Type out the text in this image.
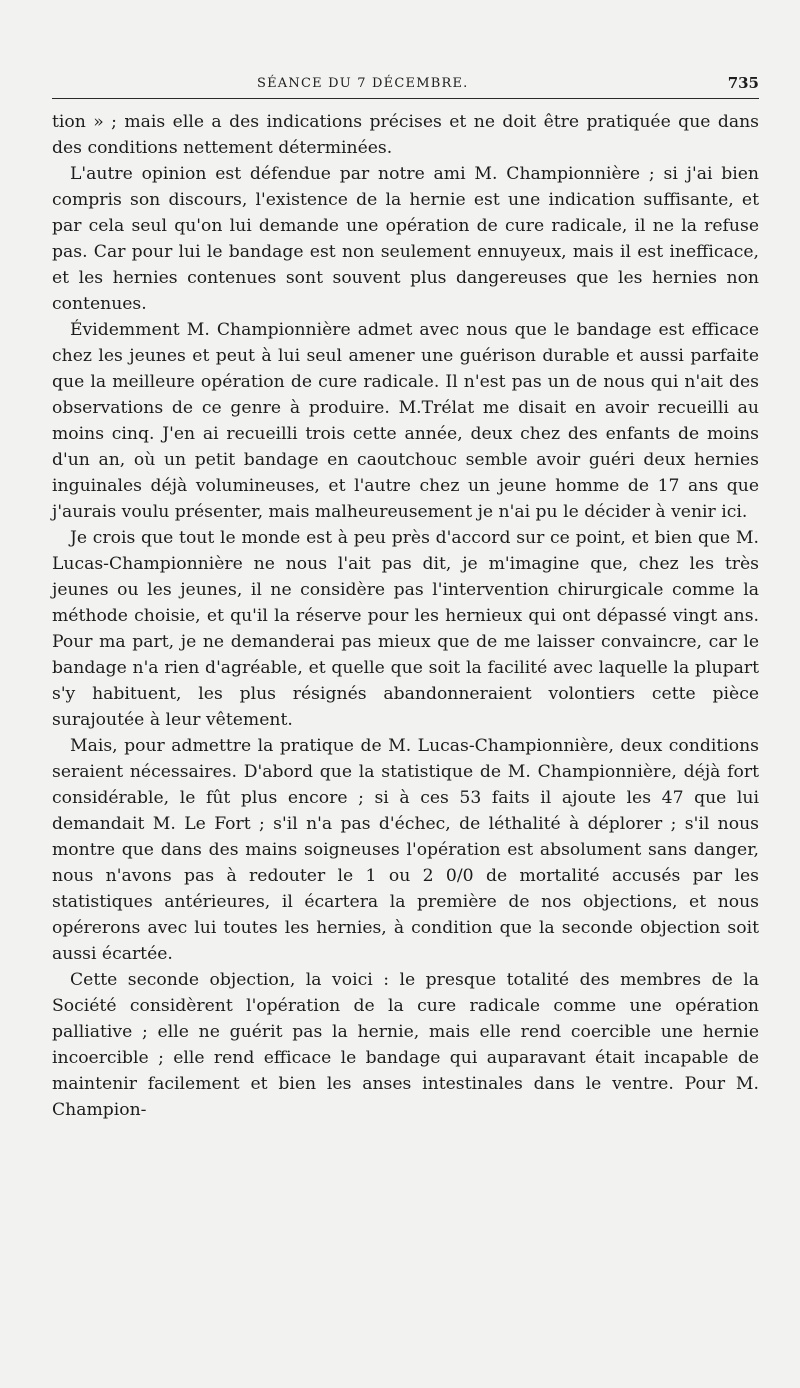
SÉANCE DU 7 DÉCEMBRE.	735

tion » ; mais elle a des indications précises et ne doit être pratiquée que dans des conditions nettement déterminées.

L'autre opinion est défendue par notre ami M. Championnière ; si j'ai bien compris son discours, l'existence de la hernie est une indication suffisante, et par cela seul qu'on lui demande une opération de cure radicale, il ne la refuse pas. Car pour lui le bandage est non seulement ennuyeux, mais il est inefficace, et les hernies contenues sont souvent plus dangereuses que les hernies non contenues.

Évidemment M. Championnière admet avec nous que le bandage est efficace chez les jeunes et peut à lui seul amener une guérison durable et aussi parfaite que la meilleure opération de cure radicale. Il n'est pas un de nous qui n'ait des observations de ce genre à produire. M.Trélat me disait en avoir recueilli au moins cinq. J'en ai recueilli trois cette année, deux chez des enfants de moins d'un an, où un petit bandage en caoutchouc semble avoir guéri deux hernies inguinales déjà volumineuses, et l'autre chez un jeune homme de 17 ans que j'aurais voulu présenter, mais malheureusement je n'ai pu le décider à venir ici.

Je crois que tout le monde est à peu près d'accord sur ce point, et bien que M. Lucas-Championnière ne nous l'ait pas dit, je m'imagine que, chez les très jeunes ou les jeunes, il ne considère pas l'intervention chirurgicale comme la méthode choisie, et qu'il la réserve pour les hernieux qui ont dépassé vingt ans. Pour ma part, je ne demanderai pas mieux que de me laisser convaincre, car le bandage n'a rien d'agréable, et quelle que soit la facilité avec laquelle la plupart s'y habituent, les plus résignés abandonneraient volontiers cette pièce surajoutée à leur vêtement.

Mais, pour admettre la pratique de M. Lucas-Championnière, deux conditions seraient nécessaires. D'abord que la statistique de M. Championnière, déjà fort considérable, le fût plus encore ; si à ces 53 faits il ajoute les 47 que lui demandait M. Le Fort ; s'il n'a pas d'échec, de léthalité à déplorer ; s'il nous montre que dans des mains soigneuses l'opération est absolument sans danger, nous n'avons pas à redouter le 1 ou 2 0/0 de mortalité accusés par les statistiques antérieures, il écartera la première de nos objections, et nous opérerons avec lui toutes les hernies, à condition que la seconde objection soit aussi écartée.

Cette seconde objection, la voici : le presque totalité des membres de la Société considèrent l'opération de la cure radicale comme une opération palliative ; elle ne guérit pas la hernie, mais elle rend coercible une hernie incoercible ; elle rend efficace le bandage qui auparavant était incapable de maintenir facilement et bien les anses intestinales dans le ventre. Pour M. Champion-
